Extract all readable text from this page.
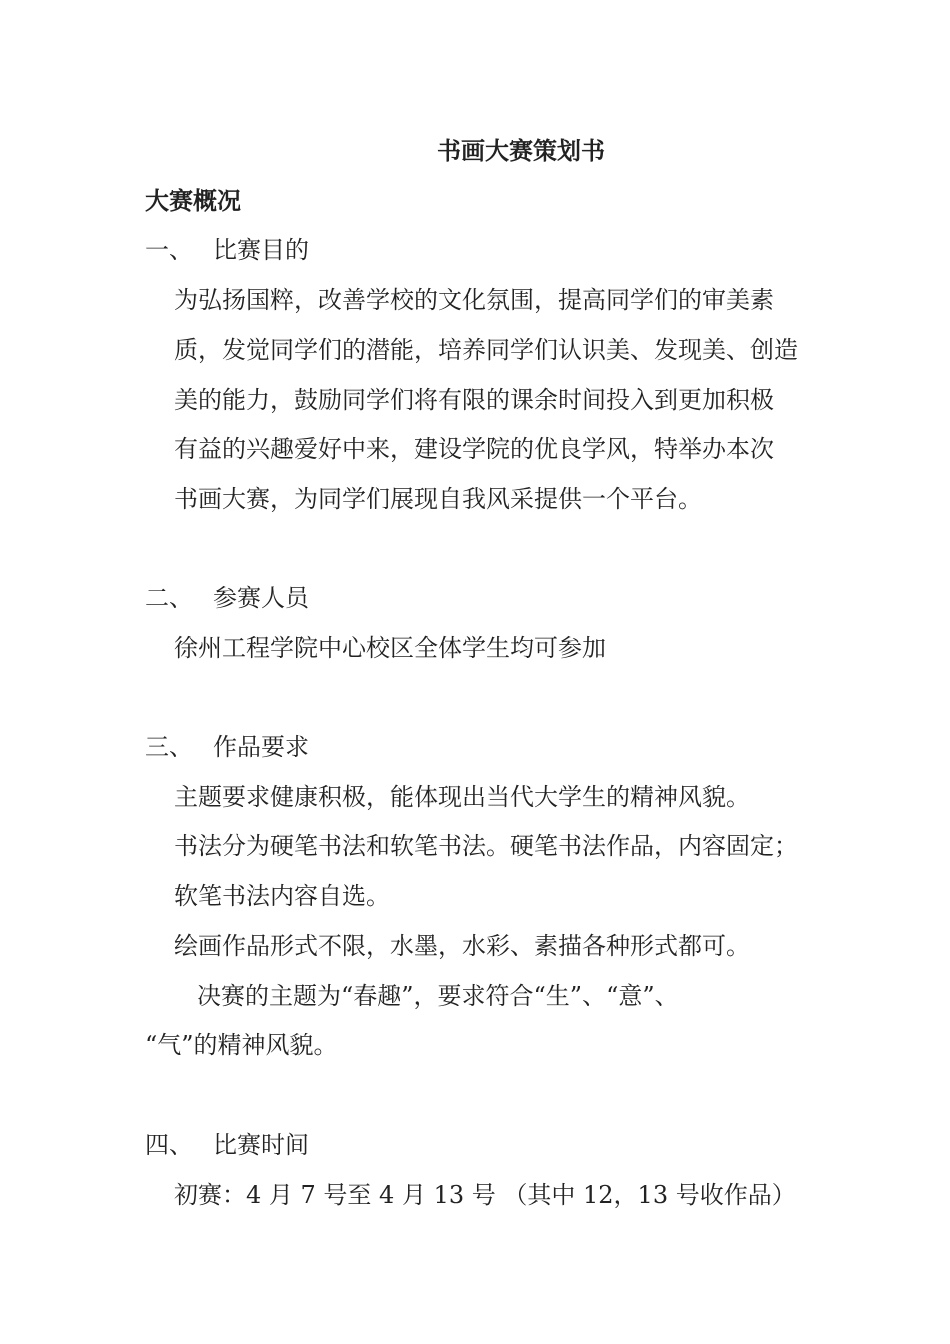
书画大赛策划书
大赛概况
一、 比赛目的
为弘扬国粹，改善学校的文化氛围，提高同学们的审美素
质，发觉同学们的潜能，培养同学们认识美、发现美、创造
美的能力，鼓励同学们将有限的课余时间投入到更加积极
有益的兴趣爱好中来，建设学院的优良学风，特举办本次
书画大赛，为同学们展现自我风采提供一个平台。
二、 参赛人员
徐州工程学院中心校区全体学生均可参加
三、 作品要求
主题要求健康积极，能体现出当代大学生的精神风貌。
书法分为硬笔书法和软笔书法。硬笔书法作品，内容固定；
软笔书法内容自选。
绘画作品形式不限，水墨，水彩、素描各种形式都可。
决赛的主题为“春趣”，要求符合“生”、“意”、
“气”的精神风貌。
四、 比赛时间
初赛：4 月 7 号至 4 月 13 号 （其中 12，13 号收作品）
